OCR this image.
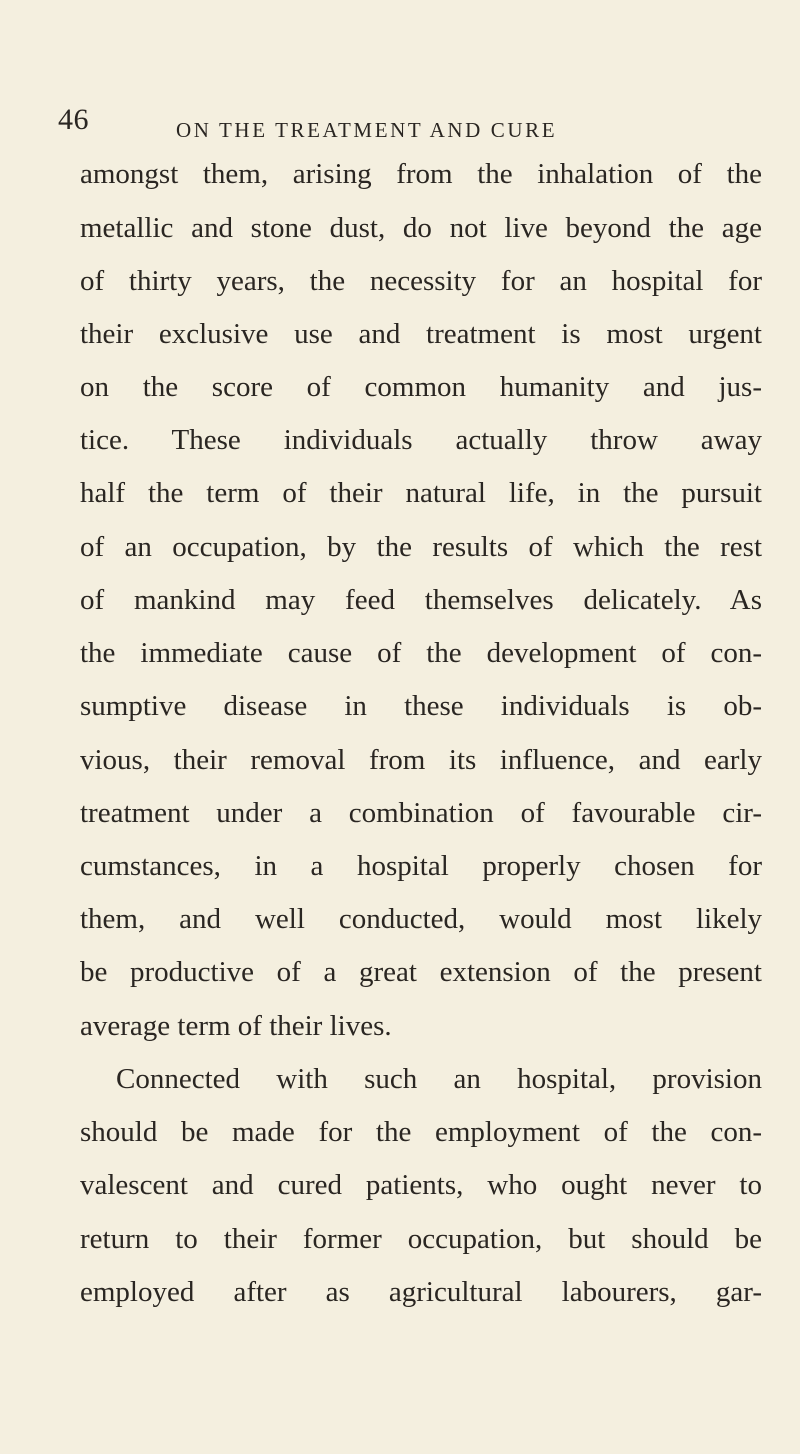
46	ON THE TREATMENT AND CURE
amongst them, arising from the inhalation of the
metallic and stone dust, do not live beyond the age
of thirty years, the necessity for an hospital for
their exclusive use and treatment is most urgent
on the score of common humanity and jus-
tice. These individuals actually throw away
half the term of their natural life, in the pursuit
of an occupation, by the results of which the rest
of mankind may feed themselves delicately. As
the immediate cause of the development of con-
sumptive disease in these individuals is ob-
vious, their removal from its influence, and early
treatment under a combination of favourable cir-
cumstances, in a hospital properly chosen for
them, and well conducted, would most likely
be productive of a great extension of the present
average term of their lives.
Connected with such an hospital, provision
should be made for the employment of the con-
valescent and cured patients, who ought never to
return to their former occupation, but should be
employed after as agricultural labourers, gar-
